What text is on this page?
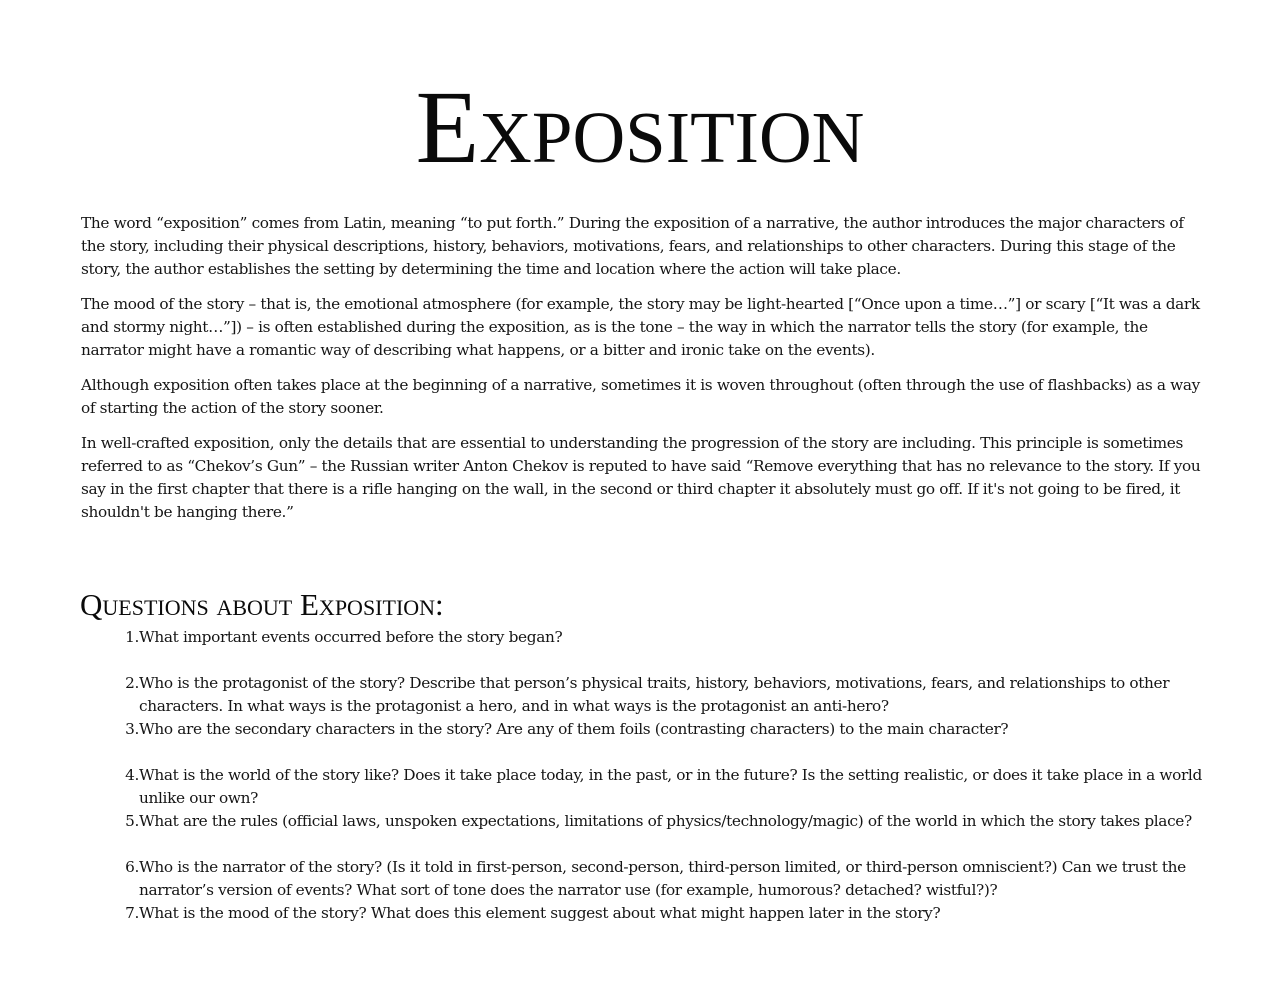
Exposition

The word “exposition” comes from Latin, meaning “to put forth.” During the exposition of a narrative, the author introduces the major characters of the story, including their physical descriptions, history, behaviors, motivations, fears, and relationships to other characters. During this stage of the story, the author establishes the setting by determining the time and location where the action will take place.

The mood of the story – that is, the emotional atmosphere (for example, the story may be light-hearted [“Once upon a time…”] or scary [“It was a dark and stormy night…”]) – is often established during the exposition, as is the tone – the way in which the narrator tells the story (for example, the narrator might have a romantic way of describing what happens, or a bitter and ironic take on the events).

Although exposition often takes place at the beginning of a narrative, sometimes it is woven throughout (often through the use of flashbacks) as a way of starting the action of the story sooner.

In well-crafted exposition, only the details that are essential to understanding the progression of the story are including. This principle is sometimes referred to as “Chekov’s Gun” – the Russian writer Anton Chekov is reputed to have said “Remove everything that has no relevance to the story. If you say in the first chapter that there is a rifle hanging on the wall, in the second or third chapter it absolutely must go off. If it's not going to be fired, it shouldn't be hanging there.”

Questions about Exposition:
1. What important events occurred before the story began?
2. Who is the protagonist of the story? Describe that person’s physical traits, history, behaviors, motivations, fears, and relationships to other characters. In what ways is the protagonist a hero, and in what ways is the protagonist an anti-hero?
3. Who are the secondary characters in the story? Are any of them foils (contrasting characters) to the main character?
4. What is the world of the story like? Does it take place today, in the past, or in the future? Is the setting realistic, or does it take place in a world unlike our own?
5. What are the rules (official laws, unspoken expectations, limitations of physics/technology/magic) of the world in which the story takes place?
6. Who is the narrator of the story? (Is it told in first-person, second-person, third-person limited, or third-person omniscient?) Can we trust the narrator’s version of events? What sort of tone does the narrator use (for example, humorous? detached? wistful?)?
7. What is the mood of the story? What does this element suggest about what might happen later in the story?
